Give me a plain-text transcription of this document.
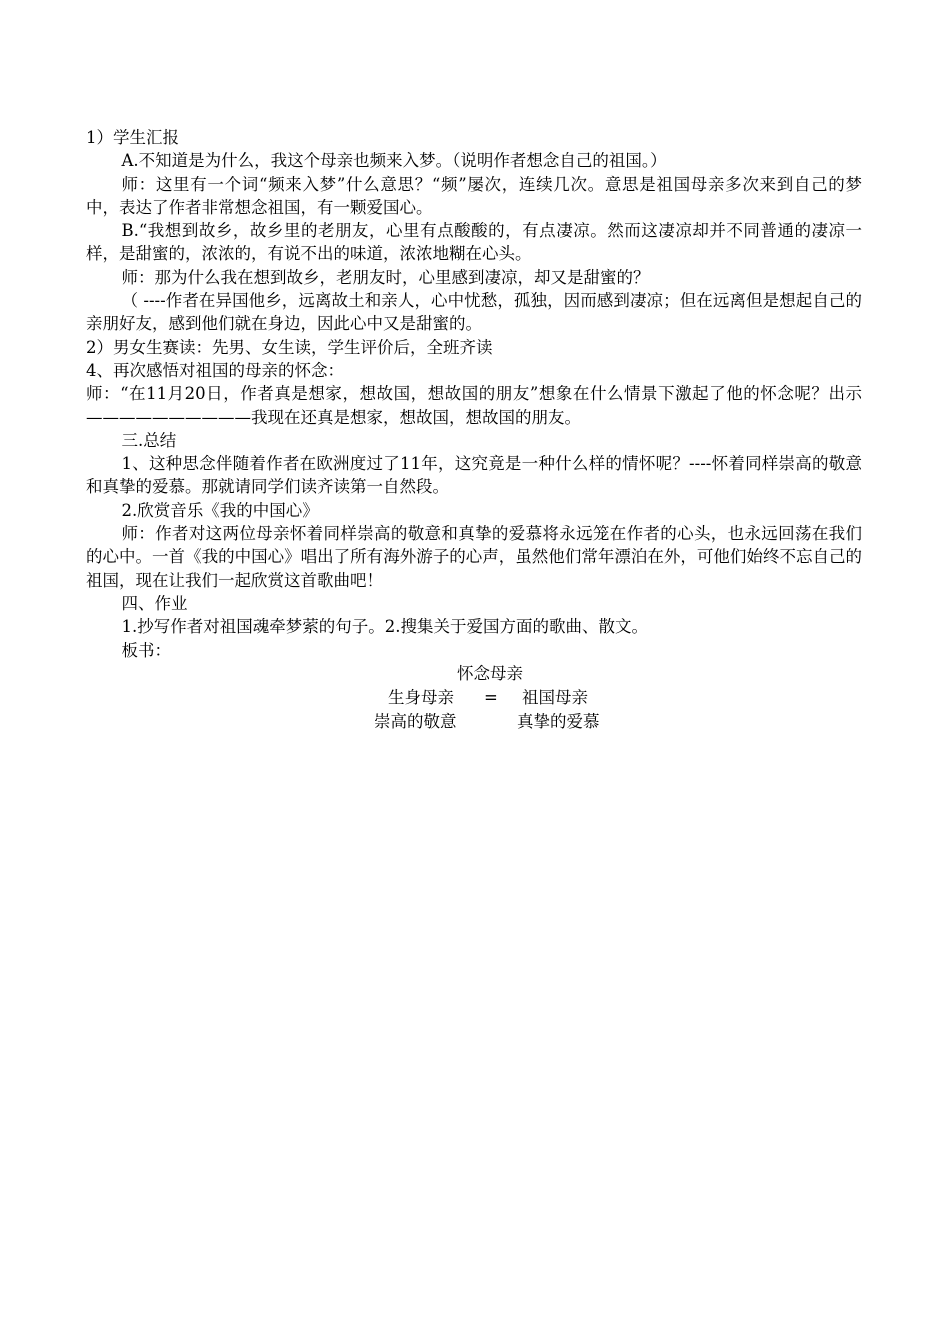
1）学生汇报

A.不知道是为什么，我这个母亲也频来入梦。（说明作者想念自己的祖国。）

师：这里有一个词“频来入梦”什么意思？“频”屡次，连续几次。意思是祖国母亲多次来到自己的梦中，表达了作者非常想念祖国，有一颗爱国心。

B.“我想到故乡，故乡里的老朋友，心里有点酸酸的，有点凄凉。然而这凄凉却并不同普通的凄凉一样，是甜蜜的，浓浓的，有说不出的味道，浓浓地糊在心头。

师：那为什么我在想到故乡，老朋友时，心里感到凄凉，却又是甜蜜的？

（ ----作者在异国他乡，远离故土和亲人，心中忧愁，孤独，因而感到凄凉；但在远离但是想起自己的亲朋好友，感到他们就在身边，因此心中又是甜蜜的。

2）男女生赛读：先男、女生读，学生评价后，全班齐读

4、再次感悟对祖国的母亲的怀念：

师：“在11月20日，作者真是想家，想故国，想故国的朋友”想象在什么情景下激起了他的怀念呢？出示——————————我现在还真是想家，想故国，想故国的朋友。

三.总结

1、这种思念伴随着作者在欧洲度过了11年，这究竟是一种什么样的情怀呢？----怀着同样崇高的敬意和真挚的爱慕。那就请同学们读齐读第一自然段。

2.欣赏音乐《我的中国心》

师：作者对这两位母亲怀着同样崇高的敬意和真挚的爱慕将永远笼在作者的心头，也永远回荡在我们的心中。一首《我的中国心》唱出了所有海外游子的心声，虽然他们常年漂泊在外，可他们始终不忘自己的祖国，现在让我们一起欣赏这首歌曲吧！

四、作业

1.抄写作者对祖国魂牵梦萦的句子。2.搜集关于爱国方面的歌曲、散文。

板书：

怀念母亲
生身母亲 = 祖国母亲
崇高的敬意	真挚的爱慕
